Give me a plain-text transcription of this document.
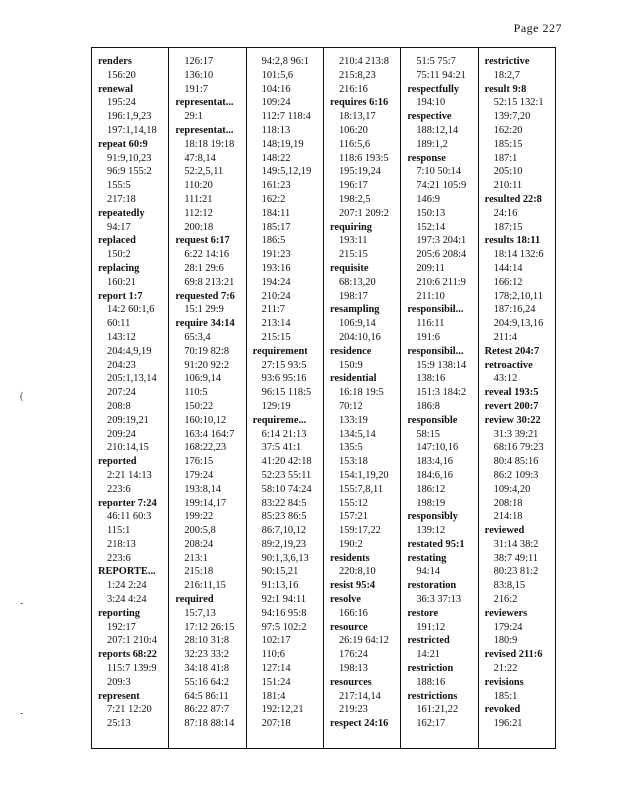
Page 227
(
-
-
renders
156:20
renewal
195:24
196:1,9,23
197:1,14,18
repeat 60:9
91:9,10,23
96:9 155:2
155:5
217:18
repeatedly
94:17
replaced
150:2
replacing
160:21
report 1:7
14:2 60:1,6
60:11
143:12
204:4,9,19
204:23
205:1,13,14
207:24
208:8
209:19,21
209:24
210:14,15
reported
2:21 14:13
223:6
reporter 7:24
46:11 60:3
115:1
218:13
223:6
REPORTE...
1:24 2:24
3:24 4:24
reporting
192:17
207:1 210:4
reports 68:22
115:7 139:9
209:3
represent
7:21 12:20
25:13
126:17
136:10
191:7
representat...
29:1
representat...
18:18 19:18
47:8,14
52:2,5,11
110:20
111:21
112:12
200:18
request 6:17
6:22 14:16
28:1 29:6
69:8 213:21
requested 7:6
15:1 29:9
require 34:14
65:3,4
70:19 82:8
91:20 92:2
106:9,14
110:5
150:22
160:10,12
163:4 164:7
168:22,23
176:15
179:24
193:8,14
199:14,17
199:22
200:5,8
208:24
213:1
215:18
216:11,15
required
15:7,13
17:12 26:15
28:10 31:8
32:23 33:2
34:18 41:8
55:16 64:2
64:5 86:11
86:22 87:7
87:18 88:14
94:2,8 96:1
101:5,6
104:16
109:24
112:7 118:4
118:13
148:19,19
148:22
149:5,12,19
161:23
162:2
184:11
185:17
186:5
191:23
193:16
194:24
210:24
211:7
213:14
215:15
requirement
27:15 93:5
93:6 95:16
96:15 118:5
129:19
requireme...
6:14 21:13
37:5 41:1
41:20 42:18
52:23 55:11
58:10 74:24
83:22 84:5
85:23 86:5
86:7,10,12
89:2,19,23
90:1,3,6,13
90:15,21
91:13,16
92:1 94:11
94:16 95:8
97:5 102:2
102:17
110:6
127:14
151:24
181:4
192:12,21
207:18
210:4 213:8
215:8,23
216:16
requires 6:16
18:13,17
106:20
116:5,6
118:6 193:5
195:19,24
196:17
198:2,5
207:1 209:2
requiring
193:11
215:15
requisite
68:13,20
198:17
resampling
106:9,14
204:10,16
residence
150:9
residential
16:18 19:5
70:12
133:19
134:5,14
135:5
153:18
154:1,19,20
155:7,8,11
155:12
157:21
159:17,22
190:2
residents
220:8,10
resist 95:4
resolve
166:16
resource
26:19 64:12
176:24
198:13
resources
217:14,14
219:23
respect 24:16
51:5 75:7
75:11 94:21
respectfully
194:10
respective
188:12,14
189:1,2
response
7:10 50:14
74:21 105:9
146:9
150:13
152:14
197:3 204:1
205:6 208:4
209:11
210:6 211:9
211:10
responsibil...
116:11
191:6
responsibil...
15:9 138:14
138:16
151:3 184:2
186:8
responsible
58:15
147:10,16
183:4,16
184:6,16
186:12
198:19
responsibly
139:12
restated 95:1
restating
94:14
restoration
36:3 37:13
restore
191:12
restricted
14:21
restriction
188:16
restrictions
161:21,22
162:17
restrictive
18:2,7
result 9:8
52:15 132:1
139:7,20
162:20
185:15
187:1
205:10
210:11
resulted 22:8
24:16
187:15
results 18:11
18:14 132:6
144:14
166:12
178:2,10,11
187:16,24
204:9,13,16
211:4
Retest 204:7
retroactive
43:12
reveal 193:5
revert 200:7
review 30:22
31:3 39:21
68:16 79:23
80:4 85:16
86:2 109:3
109:4,20
208:18
214:18
reviewed
31:14 38:2
38:7 49:11
80:23 81:2
83:8,15
216:2
reviewers
179:24
180:9
revised 211:6
21:22
revisions
185:1
revoked
196:21
